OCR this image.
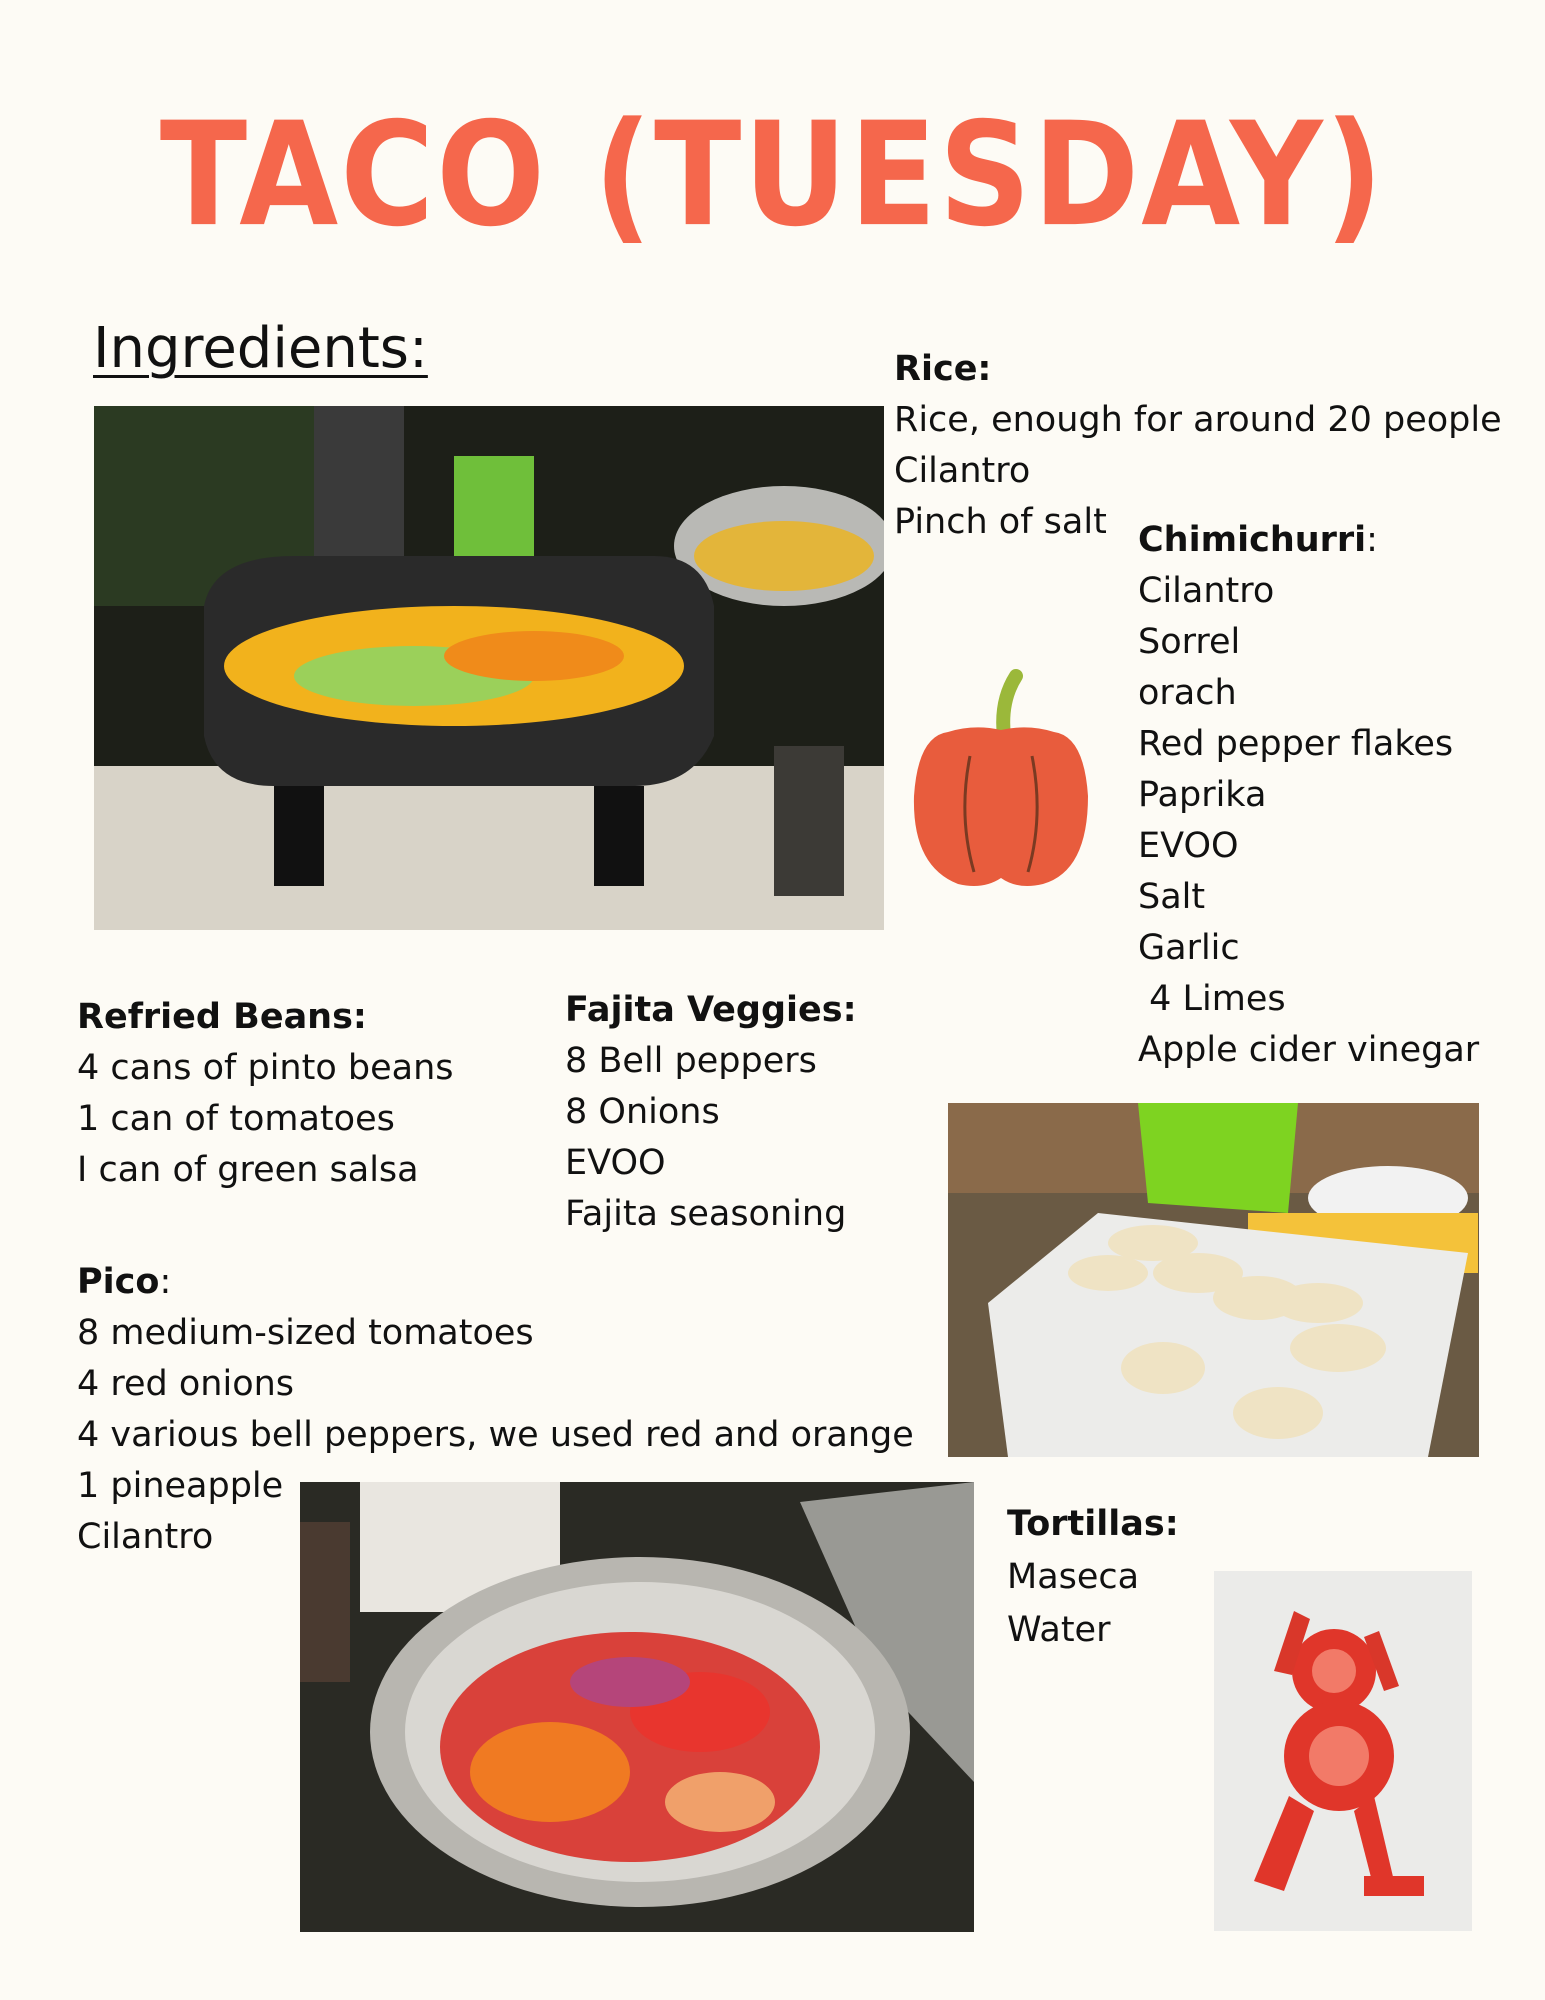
TACO (TUESDAY)
Ingredients:	Rice:
Rice, enough for around 20 people
Cilantro
Pinch of salt Chimichurri:
Cilantro
Sorrel
orach
Red pepper flakes
Paprika
EVOO
Salt
Garlic
4 Limes
Apple cider vinegar
Refried Beans:
4 cans of pinto beans
1 can of tomatoes
I can of green salsa
Fajita Veggies:
8 Bell peppers
8 Onions
EVOO
Fajita seasoning
Pico:
8 medium-sized tomatoes
4 red onions
4 various bell peppers, we used red and orange
1 pineapple
Cilantro	Tortillas:
Maseca
Water
